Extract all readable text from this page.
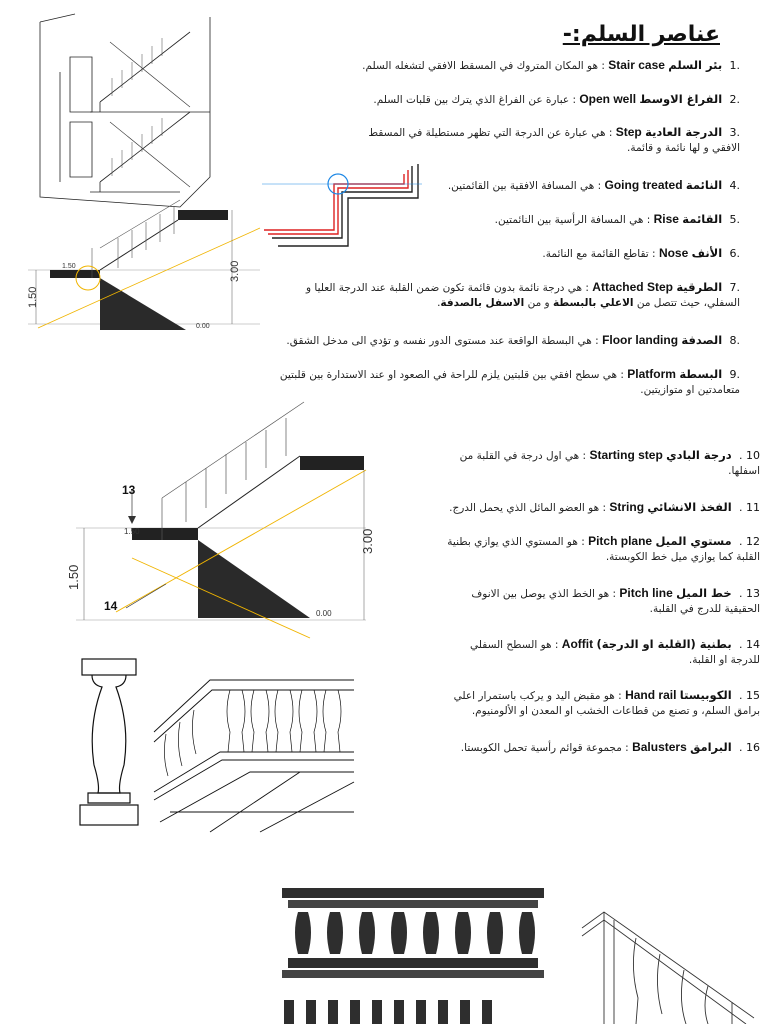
عناصر السلم:-
3.00
1.50
1.50
0.00
13
14
3.00
1.50
1.50
0.00
.1 بئر السلم Stair case : هو المكان المتروك في المسقط الافقي لتشغله السلم.
.2 الفراغ الاوسط Open well : عبارة عن الفراغ الذي يترك بين قلبات السلم.
.3 الدرجة العادية Step : هي عبارة عن الدرجة التي تظهر مستطيلة في المسقط الافقي و لها نائمة و قائمة.
.4 النائمة Going treated : هي المسافة الافقية بين القائمتين.
.5 القائمة Rise : هي المسافة الرأسية بين النائمتين.
.6 الأنف Nose : تقاطع القائمة مع النائمة.
.7 الطرقية Attached Step : هي درجة نائمة بدون قائمة تكون ضمن القلبة عند الدرجة العليا و السفلي، حيث تتصل من الاعلي بالبسطة و من الاسفل بالصدفة.
.8 الصدفة Floor landing : هي البسطة الواقعة عند مستوى الدور نفسه و تؤدي الى مدخل الشقق.
.9 البسطة Platform : هي سطح افقي بين قلبتين يلزم للراحة في الصعود او عند الاستدارة بين قلبتين متعامدتين او متوازيتين.
10 . درجة البادي Starting step : هي اول درجة في القلبة من اسفلها.
11 . الفخذ الانشائي String : هو العضو المائل الذي يحمل الدرج.
12 . مستوي الميل Pitch plane : هو المستوي الذي يوازي بطنية القلبة كما يوازي ميل خط الكوبستة.
13 . خط الميل Pitch line : هو الخط الذي يوصل بين الانوف الحقيقية للدرج في القلبة.
14 . بطنية (القلبة او الدرجة) Aoffit : هو السطح السفلي للدرجة او القلبة.
15 . الكوبيستا Hand rail : هو مقبض اليد و يركب باستمرار اعلي برامق السلم، و تصنع من قطاعات الخشب او المعدن او الألومنيوم.
16 . البرامق Balusters : مجموعة قوائم رأسية تحمل الكوبستا.
